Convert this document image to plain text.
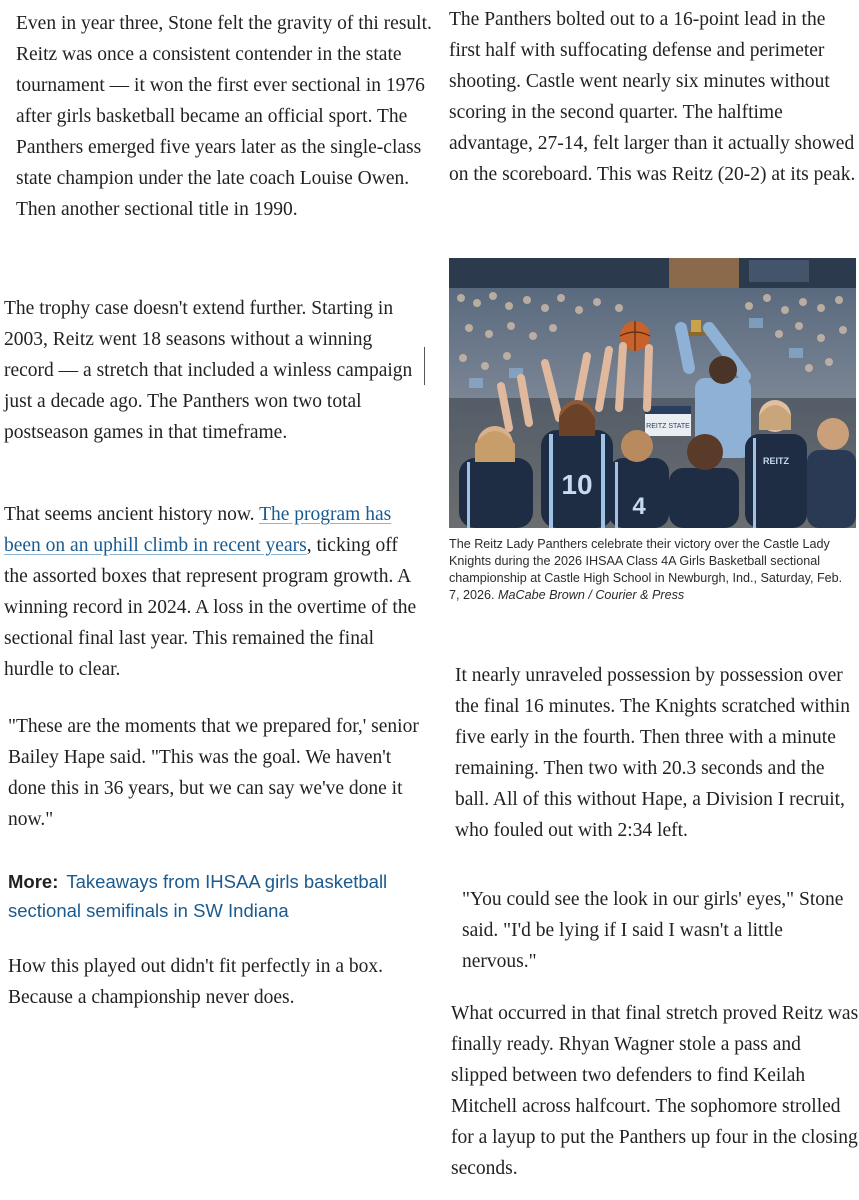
Even in year three, Stone felt the gravity of thi result. Reitz was once a consistent contender in the state tournament — it won the first ever sectional in 1976 after girls basketball became an official sport. The Panthers emerged five years later as the single-class state champion under the late coach Louise Owen. Then another sectional title in 1990.

The trophy case doesn't extend further. Starting in 2003, Reitz went 18 seasons without a winning record — a stretch that included a winless campaign just a decade ago. The Panthers won two total postseason games in that timeframe.

That seems ancient history now. The program has been on an uphill climb in recent years, ticking off the assorted boxes that represent program growth. A winning record in 2024. A loss in the overtime of the sectional final last year. This remained the final hurdle to clear.

"These are the moments that we prepared for,' senior Bailey Hape said. "This was the goal. We haven't done this in 36 years, but we can say we've done it now."

More: Takeaways from IHSAA girls basketball sectional semifinals in SW Indiana

How this played out didn't fit perfectly in a box. Because a championship never does.

The Panthers bolted out to a 16-point lead in the first half with suffocating defense and perimeter shooting. Castle went nearly six minutes without scoring in the second quarter. The halftime advantage, 27-14, felt larger than it actually showed on the scoreboard. This was Reitz (20-2) at its peak.

REITZ STATE
10
4
REITZ

The Reitz Lady Panthers celebrate their victory over the Castle Lady Knights during the 2026 IHSAA Class 4A Girls Basketball sectional championship at Castle High School in Newburgh, Ind., Saturday, Feb. 7, 2026. MaCabe Brown / Courier & Press

It nearly unraveled possession by possession over the final 16 minutes. The Knights scratched within five early in the fourth. Then three with a minute remaining. Then two with 20.3 seconds and the ball. All of this without Hape, a Division I recruit, who fouled out with 2:34 left.

"You could see the look in our girls' eyes," Stone said. "I'd be lying if I said I wasn't a little nervous."

What occurred in that final stretch proved Reitz was finally ready. Rhyan Wagner stole a pass and slipped between two defenders to find Keilah Mitchell across halfcourt. The sophomore strolled for a layup to put the Panthers up four in the closing seconds.
